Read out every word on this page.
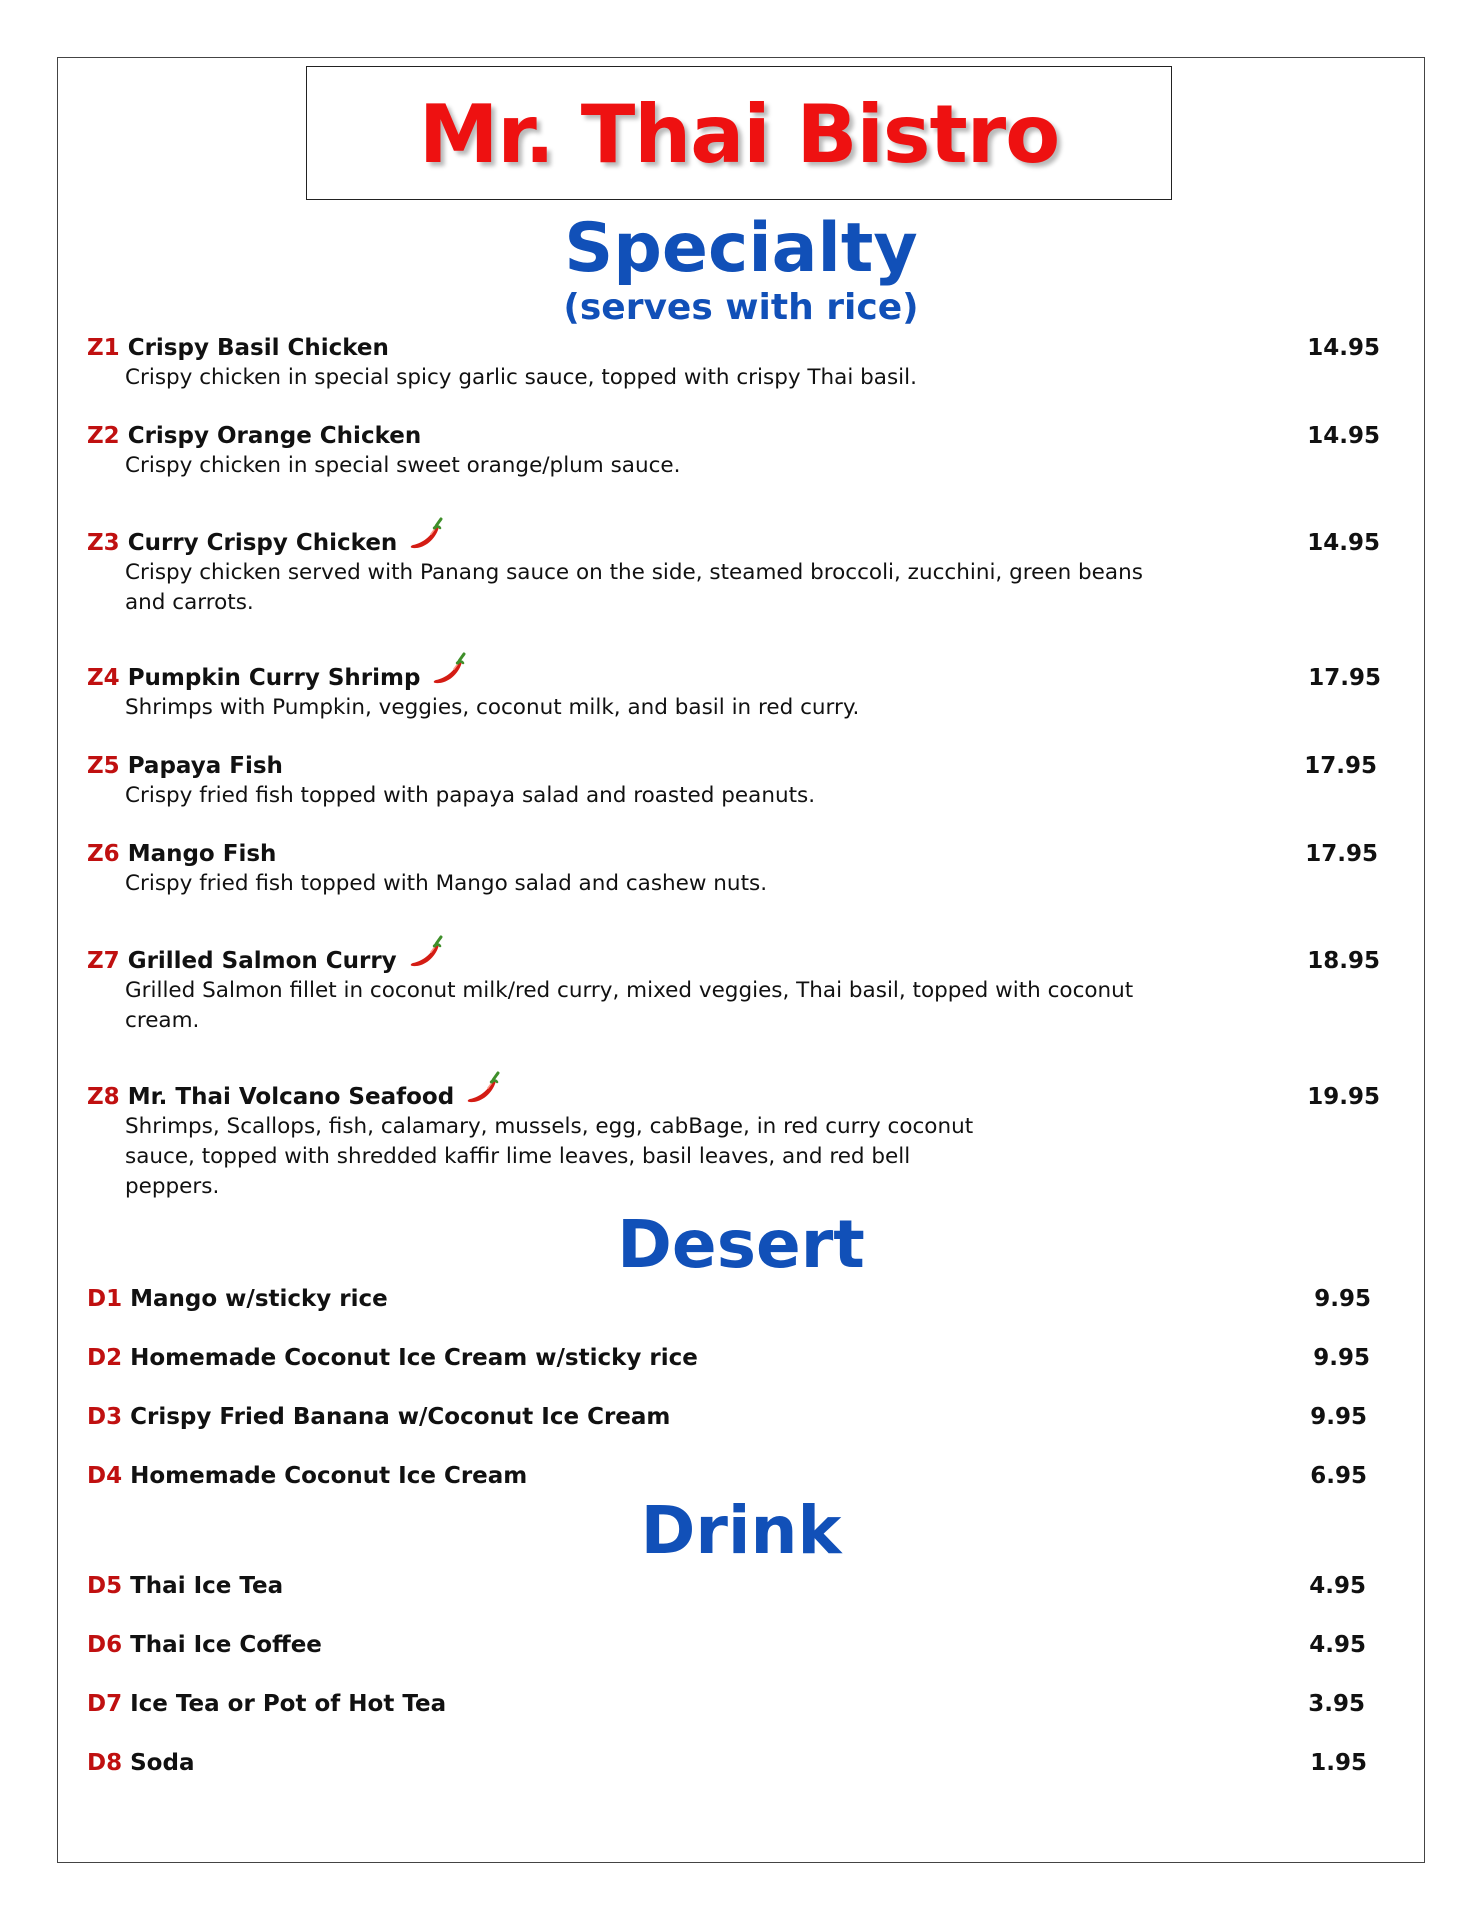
Mr. Thai Bistro
Specialty
(serves with rice)
Z1 Crispy Basil Chicken	14.95
Crispy chicken in special spicy garlic sauce, topped with crispy Thai basil.
Z2 Crispy Orange Chicken	14.95
Crispy chicken in special sweet orange/plum sauce.
Z3 Curry Crispy Chicken	14.95
Crispy chicken served with Panang sauce on the side, steamed broccoli, zucchini, green beans and carrots.
Z4 Pumpkin Curry Shrimp	17.95
Shrimps with Pumpkin, veggies, coconut milk, and basil in red curry.
Z5 Papaya Fish	17.95
Crispy fried fish topped with papaya salad and roasted peanuts.
Z6 Mango Fish	17.95
Crispy fried fish topped with Mango salad and cashew nuts.
Z7 Grilled Salmon Curry	18.95
Grilled Salmon fillet in coconut milk/red curry, mixed veggies, Thai basil, topped with coconut cream.
Z8 Mr. Thai Volcano Seafood	19.95
Shrimps, Scallops, fish, calamary, mussels, egg, cabBage, in red curry coconut sauce, topped with shredded kaffir lime leaves, basil leaves, and red bell peppers.
Desert
D1 Mango w/sticky rice	9.95
D2 Homemade Coconut Ice Cream w/sticky rice	9.95
D3 Crispy Fried Banana w/Coconut Ice Cream	9.95
D4 Homemade Coconut Ice Cream	6.95
Drink
D5 Thai Ice Tea	4.95
D6 Thai Ice Coffee	4.95
D7 Ice Tea or Pot of Hot Tea	3.95
D8 Soda	1.95
